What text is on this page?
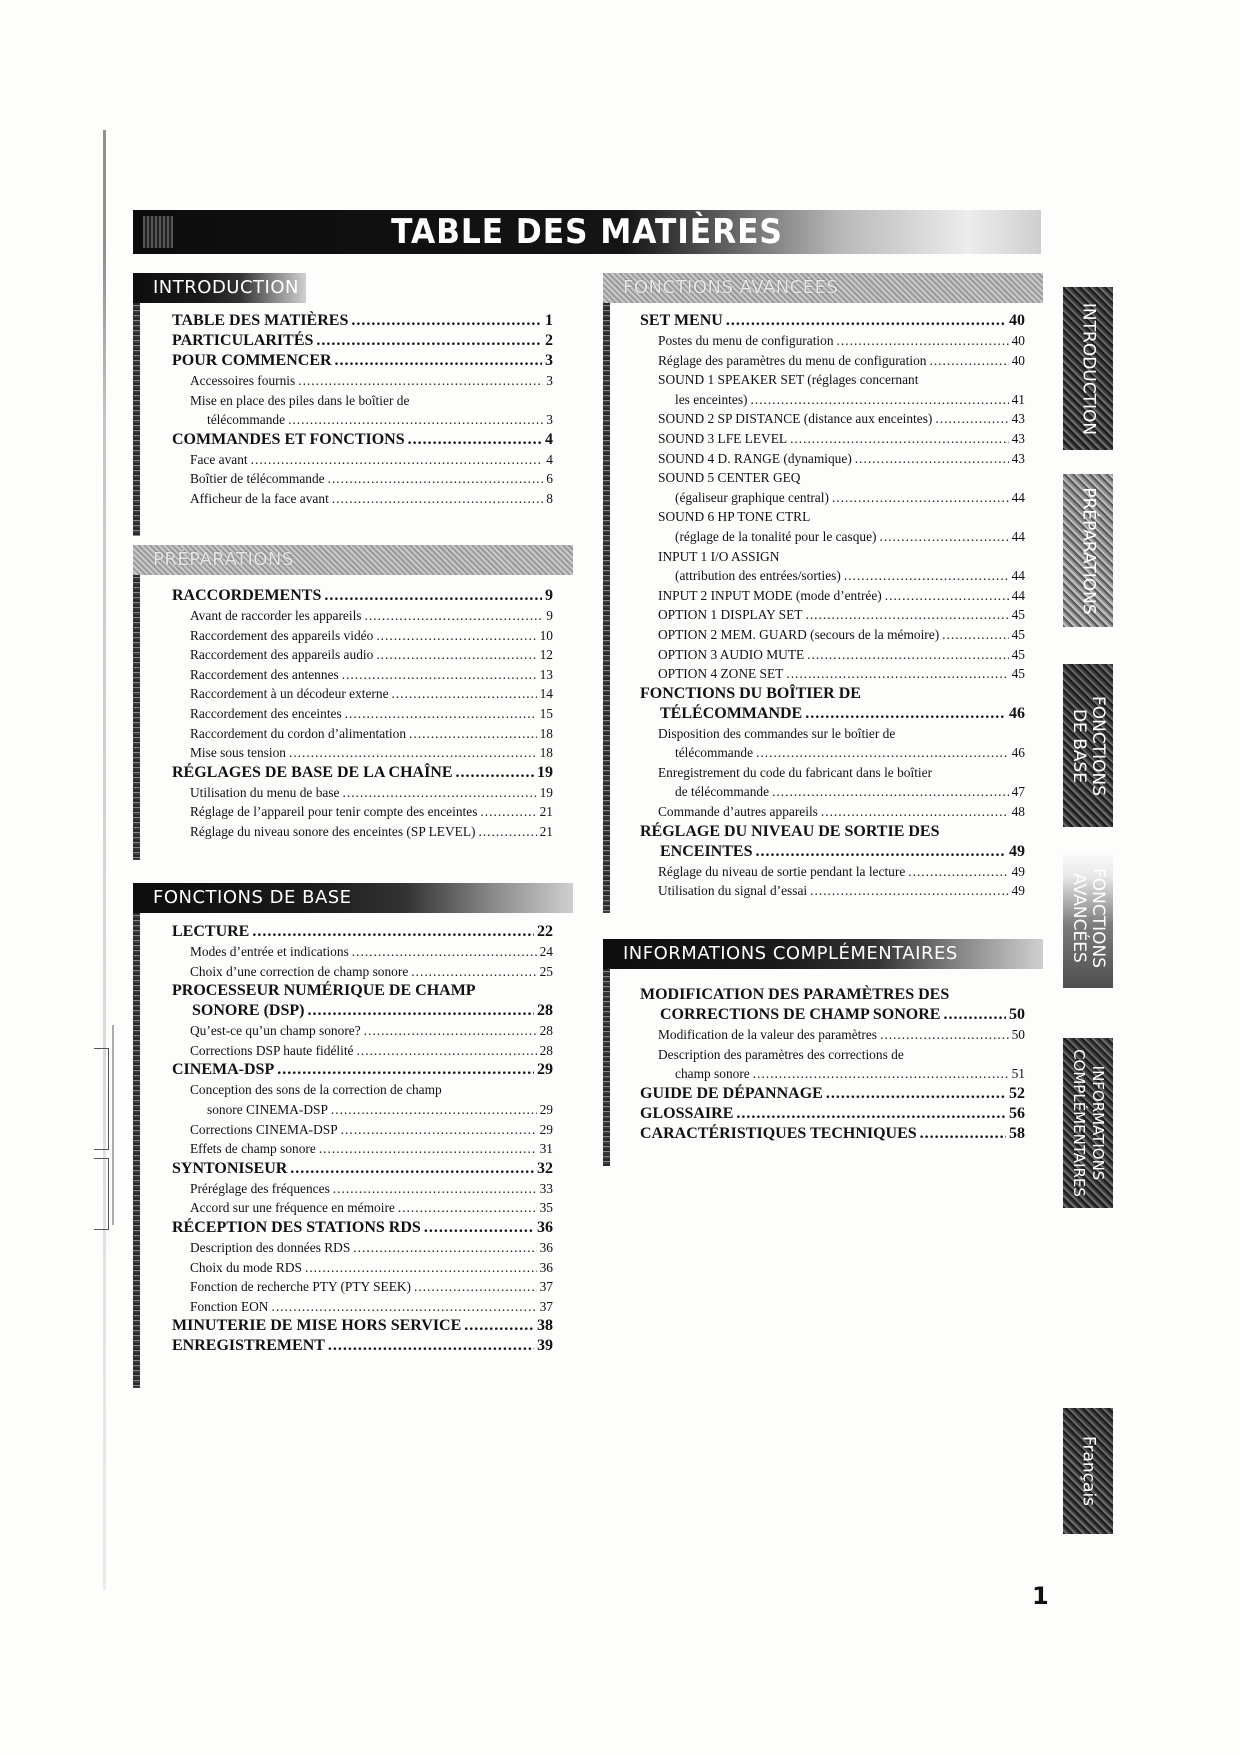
TABLE DES MATIÈRES
INTRODUCTION
TABLE DES MATIÈRES .....	1
PARTICULARITÉS .....	2
POUR COMMENCER .....	3
Accessoires fournis .....	3
Mise en place des piles dans le boîtier de
télécommande .....	3
COMMANDES ET FONCTIONS .....	4
Face avant .....	4
Boîtier de télécommande .....	6
Afficheur de la face avant .....	8
PRÉPARATIONS
RACCORDEMENTS .....	9
Avant de raccorder les appareils .....	9
Raccordement des appareils vidéo .....	10
Raccordement des appareils audio .....	12
Raccordement des antennes .....	13
Raccordement à un décodeur externe .....	14
Raccordement des enceintes .....	15
Raccordement du cordon d’alimentation .....	18
Mise sous tension .....	18
RÉGLAGES DE BASE DE LA CHAÎNE .....	19
Utilisation du menu de base .....	19
Réglage de l’appareil pour tenir compte des enceintes .....	21
Réglage du niveau sonore des enceintes (SP LEVEL) .....	21
FONCTIONS DE BASE
LECTURE .....	22
Modes d’entrée et indications .....	24
Choix d’une correction de champ sonore .....	25
PROCESSEUR NUMÉRIQUE DE CHAMP
SONORE (DSP) .....	28
Qu’est-ce qu’un champ sonore? .....	28
Corrections DSP haute fidélité .....	28
CINEMA-DSP .....	29
Conception des sons de la correction de champ
sonore CINEMA-DSP .....	29
Corrections CINEMA-DSP .....	29
Effets de champ sonore .....	31
SYNTONISEUR .....	32
Préréglage des fréquences .....	33
Accord sur une fréquence en mémoire .....	35
RÉCEPTION DES STATIONS RDS .....	36
Description des données RDS .....	36
Choix du mode RDS .....	36
Fonction de recherche PTY (PTY SEEK) .....	37
Fonction EON .....	37
MINUTERIE DE MISE HORS SERVICE .....	38
ENREGISTREMENT .....	39
FONCTIONS AVANCÉES
SET MENU .....	40
Postes du menu de configuration .....	40
Réglage des paramètres du menu de configuration .....	40
SOUND 1 SPEAKER SET (réglages concernant
les enceintes) .....	41
SOUND 2 SP DISTANCE (distance aux enceintes) .....	43
SOUND 3 LFE LEVEL .....	43
SOUND 4 D. RANGE (dynamique) .....	43
SOUND 5 CENTER GEQ
(égaliseur graphique central) .....	44
SOUND 6 HP TONE CTRL
(réglage de la tonalité pour le casque) .....	44
INPUT 1 I/O ASSIGN
(attribution des entrées/sorties) .....	44
INPUT 2 INPUT MODE (mode d’entrée) .....	44
OPTION 1 DISPLAY SET .....	45
OPTION 2 MEM. GUARD (secours de la mémoire) .....	45
OPTION 3 AUDIO MUTE .....	45
OPTION 4 ZONE SET .....	45
FONCTIONS DU BOÎTIER DE
TÉLÉCOMMANDE .....	46
Disposition des commandes sur le boîtier de
télécommande .....	46
Enregistrement du code du fabricant dans le boîtier
de télécommande .....	47
Commande d’autres appareils .....	48
RÉGLAGE DU NIVEAU DE SORTIE DES
ENCEINTES .....	49
Réglage du niveau de sortie pendant la lecture .....	49
Utilisation du signal d’essai .....	49
INFORMATIONS COMPLÉMENTAIRES
MODIFICATION DES PARAMÈTRES DES
CORRECTIONS DE CHAMP SONORE .....	50
Modification de la valeur des paramètres .....	50
Description des paramètres des corrections de
champ sonore .....	51
GUIDE DE DÉPANNAGE .....	52
GLOSSAIRE .....	56
CARACTÉRISTIQUES TECHNIQUES .....	58
INTRODUCTION
PRÉPARATIONS
FONCTIONS
DE BASE
FONCTIONS
AVANCÉES
INFORMATIONS
COMPLÉMENTAIRES
Français
1
